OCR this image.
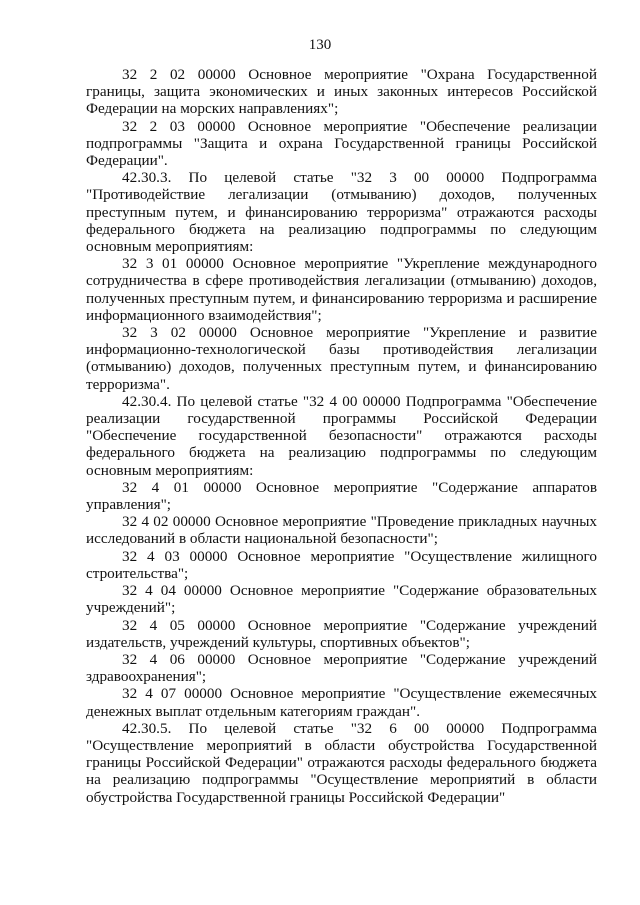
130

32 2 02 00000 Основное мероприятие "Охрана Государственной границы, защита экономических и иных законных интересов Российской Федерации на морских направлениях";

32 2 03 00000 Основное мероприятие "Обеспечение реализации подпрограммы "Защита и охрана Государственной границы Российской Федерации".

42.30.3. По целевой статье "32 3 00 00000 Подпрограмма "Противодействие легализации (отмыванию) доходов, полученных преступным путем, и финансированию терроризма" отражаются расходы федерального бюджета на реализацию подпрограммы по следующим основным мероприятиям:

32 3 01 00000 Основное мероприятие "Укрепление международного сотрудничества в сфере противодействия легализации (отмыванию) доходов, полученных преступным путем, и финансированию терроризма и расширение информационного взаимодействия";

32 3 02 00000 Основное мероприятие "Укрепление и развитие информационно-технологической базы противодействия легализации (отмыванию) доходов, полученных преступным путем, и финансированию терроризма".

42.30.4. По целевой статье "32 4 00 00000 Подпрограмма "Обеспечение реализации государственной программы Российской Федерации "Обеспечение государственной безопасности" отражаются расходы федерального бюджета на реализацию подпрограммы по следующим основным мероприятиям:

32 4 01 00000 Основное мероприятие "Содержание аппаратов управления";

32 4 02 00000 Основное мероприятие "Проведение прикладных научных исследований в области национальной безопасности";

32 4 03 00000 Основное мероприятие "Осуществление жилищного строительства";

32 4 04 00000 Основное мероприятие "Содержание образовательных учреждений";

32 4 05 00000 Основное мероприятие "Содержание учреждений издательств, учреждений культуры, спортивных объектов";

32 4 06 00000 Основное мероприятие "Содержание учреждений здравоохранения";

32 4 07 00000 Основное мероприятие "Осуществление ежемесячных денежных выплат отдельным категориям граждан".

42.30.5. По целевой статье "32 6 00 00000 Подпрограмма "Осуществление мероприятий в области обустройства Государственной границы Российской Федерации" отражаются расходы федерального бюджета на реализацию подпрограммы "Осуществление мероприятий в области обустройства Государственной границы Российской Федерации"
